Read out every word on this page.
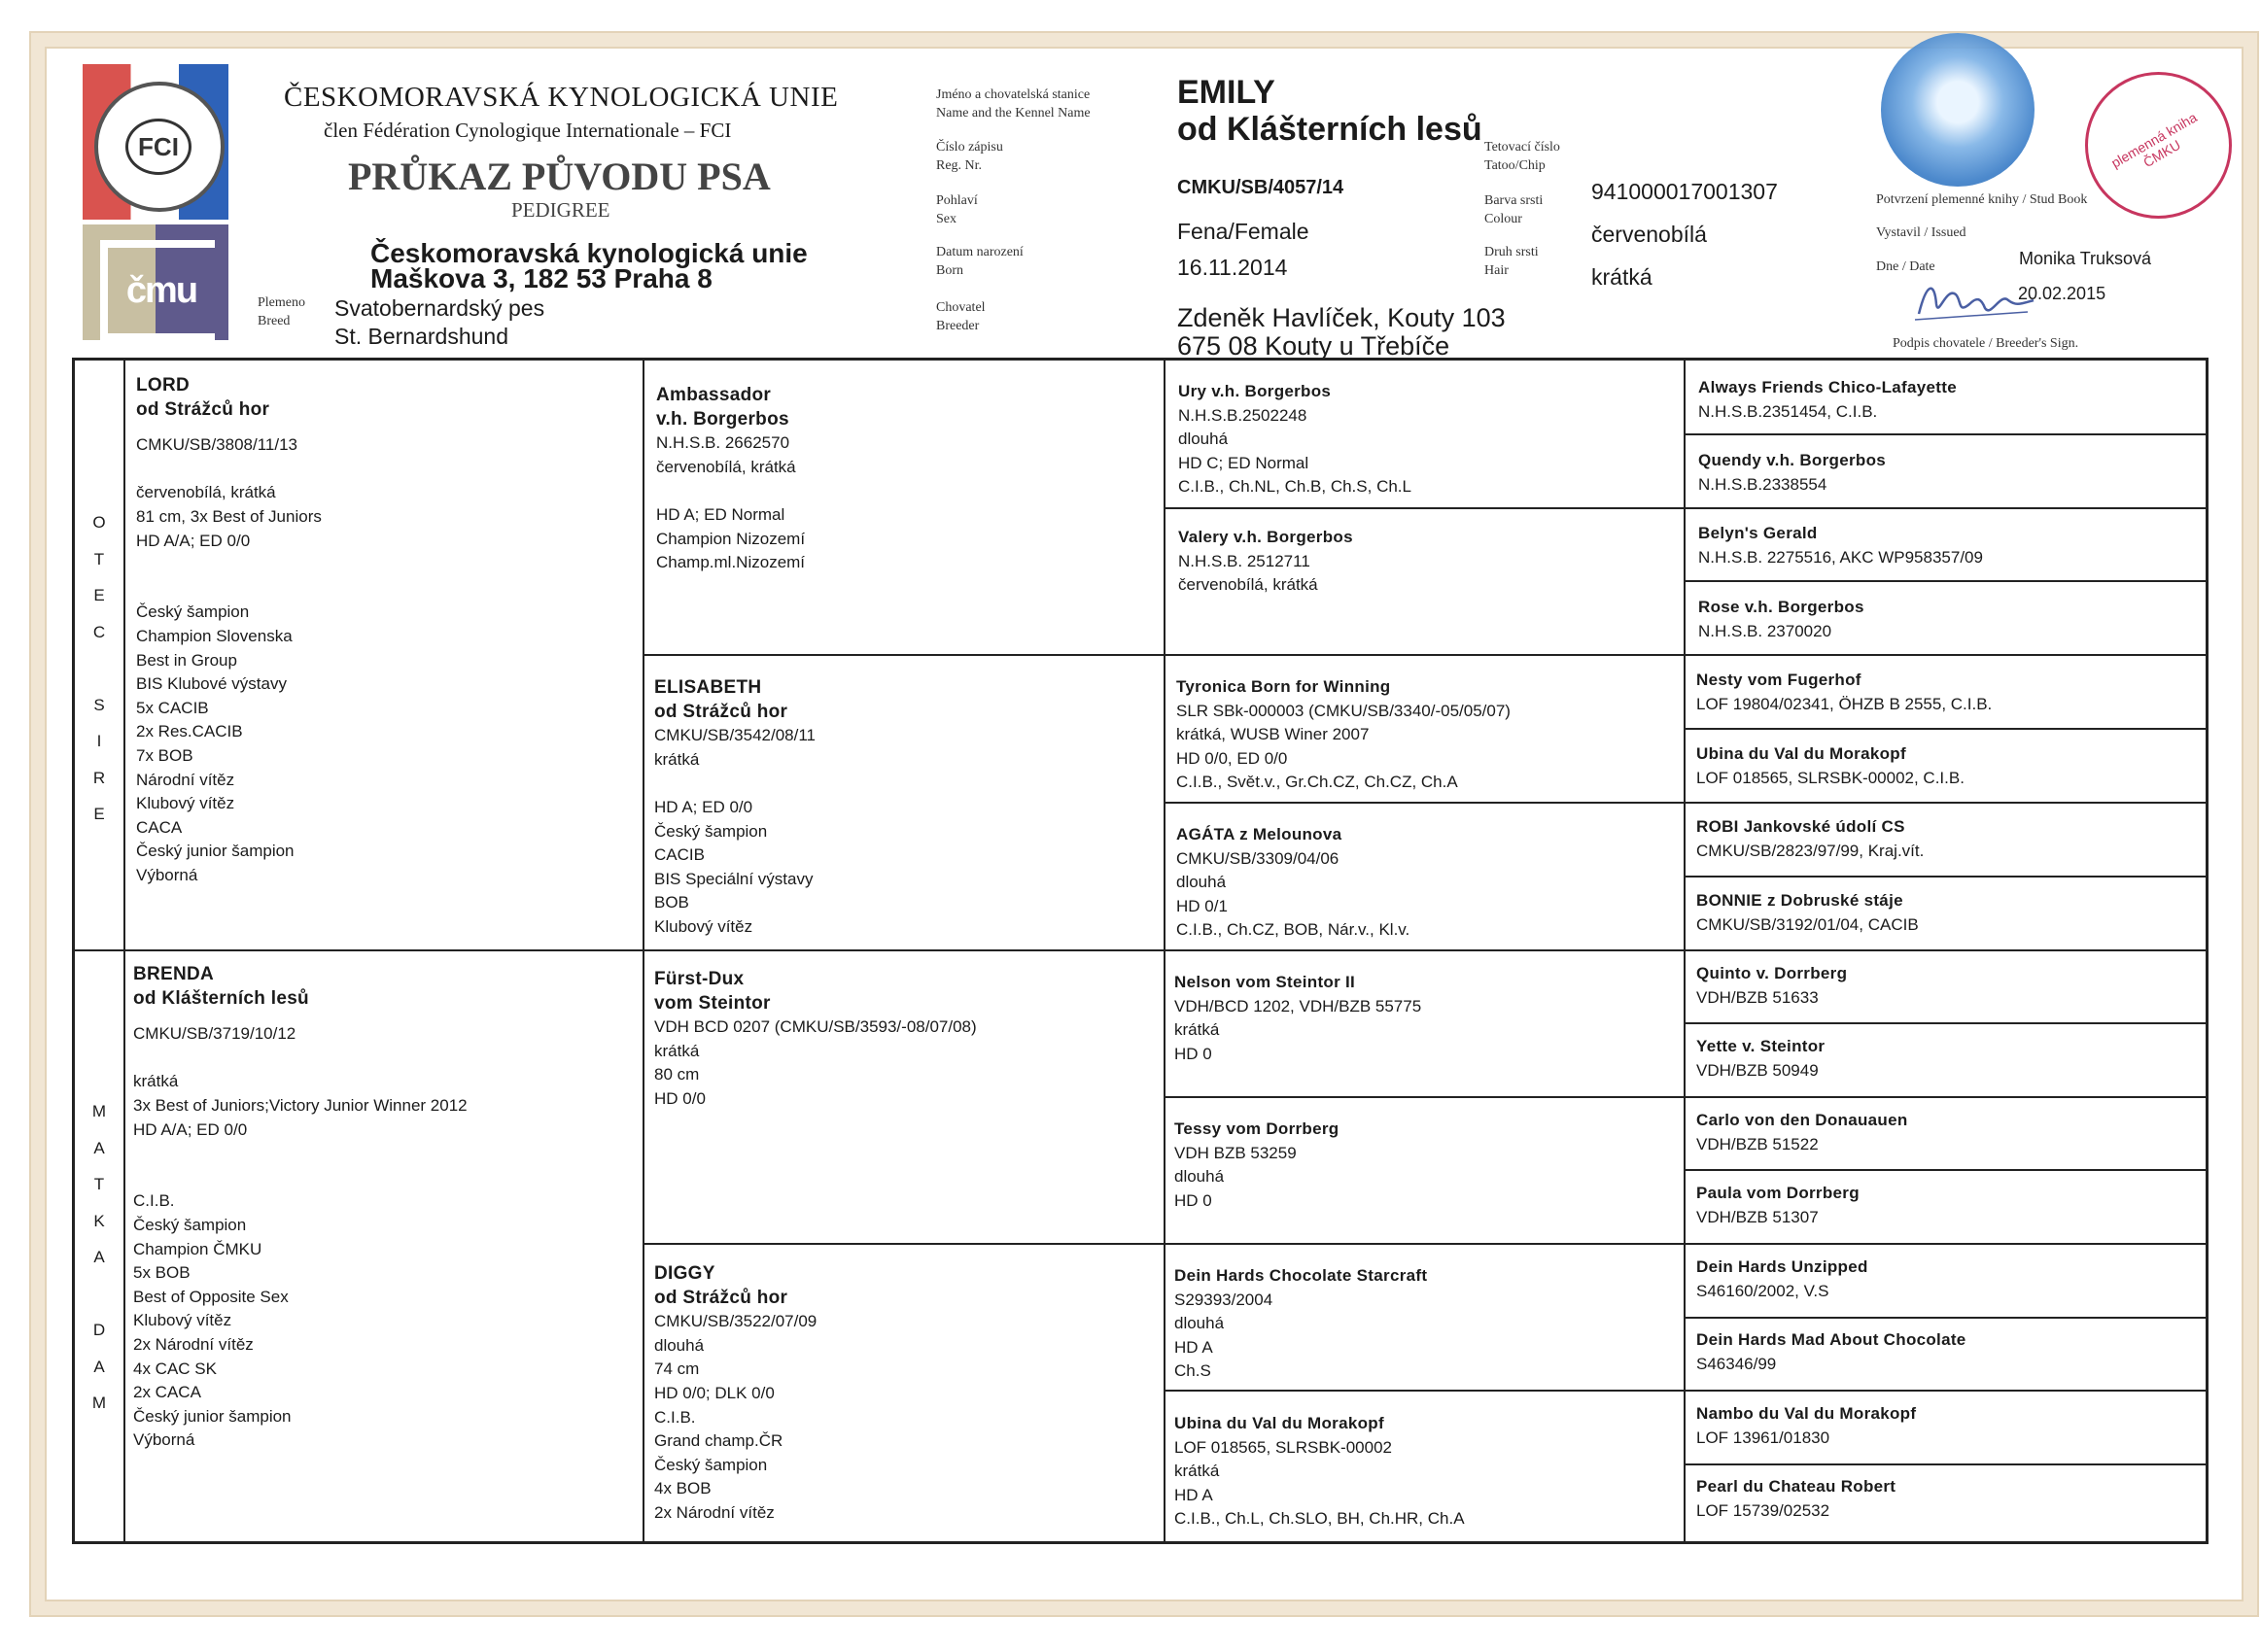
FCI
čmu
ČESKOMORAVSKÁ KYNOLOGICKÁ UNIE
člen Fédération Cynologique Internationale – FCI
PRŮKAZ PŮVODU PSA
PEDIGREE
Českomoravská kynologická unie
Maškova 3, 182 53 Praha 8
Plemeno
Breed
Svatobernardský pes
St. Bernardshund
Jméno a chovatelská stanice
Name and the Kennel Name
Číslo zápisu
Reg. Nr.
Pohlaví
Sex
Datum narození
Born
Chovatel
Breeder
EMILY
od Klášterních lesů
CMKU/SB/4057/14
Fena/Female
16.11.2014
Zdeněk Havlíček, Kouty 103
675 08 Kouty u Třebíče
Tetovací číslo
Tatoo/Chip
Barva srsti
Colour
Druh srsti
Hair
941000017001307
červenobílá
krátká
plemenná kniha ČMKU
Potvrzení plemenné knihy / Stud Book
Vystavil / Issued
Monika Truksová
Dne / Date
20.02.2015
Podpis chovatele / Breeder's Sign.
O
T
E
C

S
I
R
E
M
A
T
K
A

D
A
M
LORD
od Strážců hor
CMKU/SB/3808/11/13

červenobílá, krátká
81 cm, 3x Best of Juniors
HD A/A; ED 0/0

Český šampion
Champion Slovenska
Best in Group
BIS Klubové výstavy
5x CACIB
2x Res.CACIB
7x BOB
Národní vítěz
Klubový vítěz
CACA
Český junior šampion
Výborná
BRENDA
od Klášterních lesů
CMKU/SB/3719/10/12

krátká
3x Best of Juniors;Victory Junior Winner 2012
HD A/A; ED 0/0

C.I.B.
Český šampion
Champion ČMKU
5x BOB
Best of Opposite Sex
Klubový vítěz
2x Národní vítěz
4x CAC SK
2x CACA
Český junior šampion
Výborná
Ambassador
v.h. Borgerbos
N.H.S.B. 2662570
červenobílá, krátká

HD A; ED Normal
Champion Nizozemí
Champ.ml.Nizozemí
ELISABETH
od Strážců hor
CMKU/SB/3542/08/11
krátká

HD A; ED 0/0
Český šampion
CACIB
BIS Speciální výstavy
BOB
Klubový vítěz
Fürst-Dux
vom Steintor
VDH BCD 0207 (CMKU/SB/3593/-08/07/08)
krátká
80 cm
HD 0/0
DIGGY
od Strážců hor
CMKU/SB/3522/07/09
dlouhá
74 cm
HD 0/0; DLK 0/0
C.I.B.
Grand champ.ČR
Český šampion
4x BOB
2x Národní vítěz
Ury v.h. Borgerbos
N.H.S.B.2502248
dlouhá
HD C; ED Normal
C.I.B., Ch.NL, Ch.B, Ch.S, Ch.L
Valery v.h. Borgerbos
N.H.S.B. 2512711
červenobílá, krátká
Tyronica Born for Winning
SLR SBk-000003 (CMKU/SB/3340/-05/05/07)
krátká, WUSB Winer 2007
HD 0/0, ED 0/0
C.I.B., Svět.v., Gr.Ch.CZ, Ch.CZ, Ch.A
AGÁTA z Melounova
CMKU/SB/3309/04/06
dlouhá
HD 0/1
C.I.B., Ch.CZ, BOB, Nár.v., Kl.v.
Nelson vom Steintor II
VDH/BCD 1202, VDH/BZB 55775
krátká
HD 0
Tessy vom Dorrberg
VDH BZB 53259
dlouhá
HD 0
Dein Hards Chocolate Starcraft
S29393/2004
dlouhá
HD A
Ch.S
Ubina du Val du Morakopf
LOF 018565, SLRSBK-00002
krátká
HD A
C.I.B., Ch.L, Ch.SLO, BH, Ch.HR, Ch.A
Always Friends Chico-Lafayette
N.H.S.B.2351454, C.I.B.
Quendy v.h. Borgerbos
N.H.S.B.2338554
Belyn's Gerald
N.H.S.B. 2275516, AKC WP958357/09
Rose v.h. Borgerbos
N.H.S.B. 2370020
Nesty vom Fugerhof
LOF 19804/02341, ÖHZB B 2555, C.I.B.
Ubina du Val du Morakopf
LOF 018565, SLRSBK-00002, C.I.B.
ROBI Jankovské údolí CS
CMKU/SB/2823/97/99, Kraj.vít.
BONNIE z Dobruské stáje
CMKU/SB/3192/01/04, CACIB
Quinto v. Dorrberg
VDH/BZB 51633
Yette v. Steintor
VDH/BZB 50949
Carlo von den Donauauen
VDH/BZB 51522
Paula vom Dorrberg
VDH/BZB 51307
Dein Hards Unzipped
S46160/2002, V.S
Dein Hards Mad About Chocolate
S46346/99
Nambo du Val du Morakopf
LOF 13961/01830
Pearl du Chateau Robert
LOF 15739/02532
